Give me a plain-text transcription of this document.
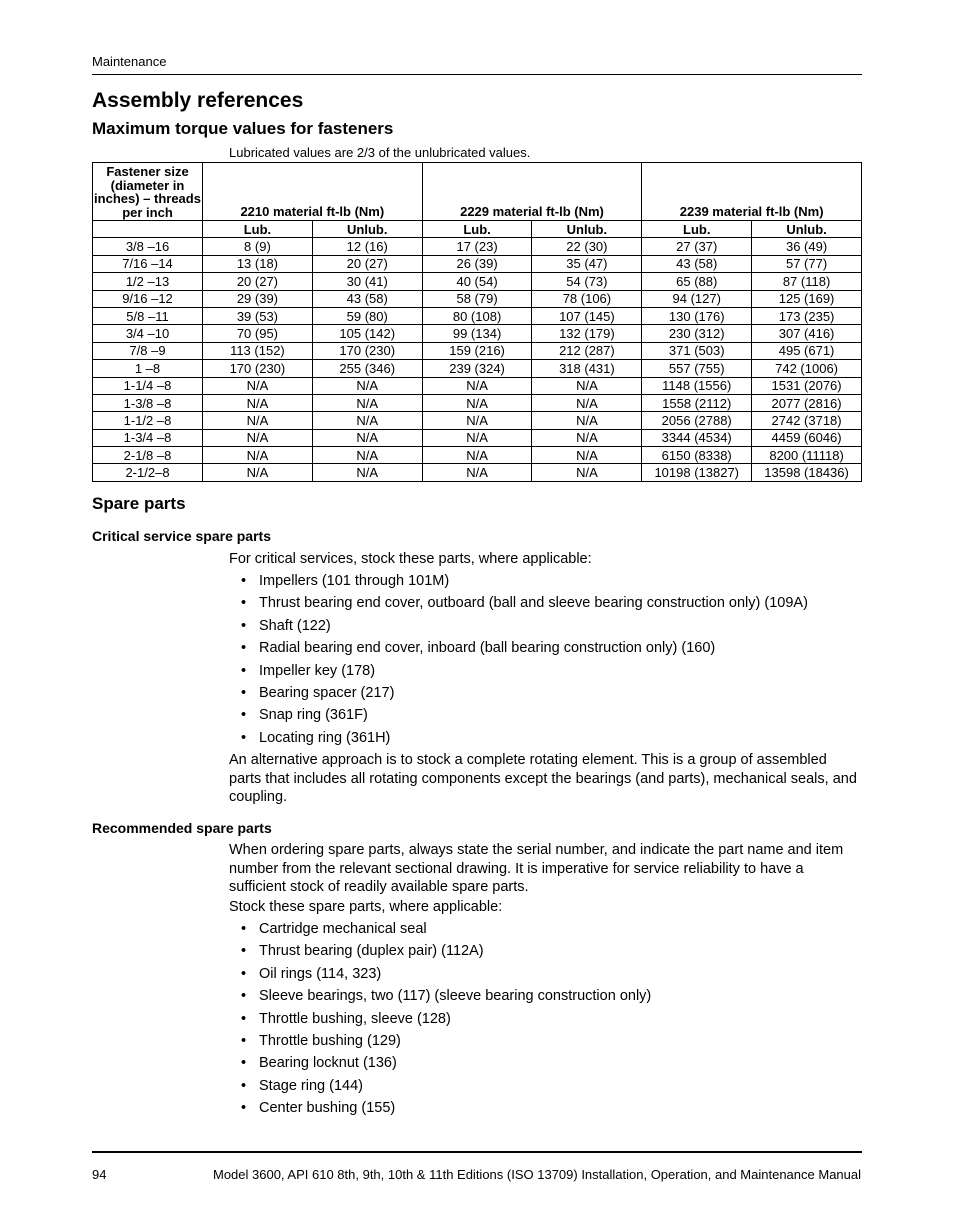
Maintenance
Assembly references
Maximum torque values for fasteners
Lubricated values are 2/3 of the unlubricated values.
Fastener size (diameter in inches) – threads per inch	2210 material ft-lb (Nm)		2229 material ft-lb (Nm)		2239 material ft-lb (Nm)	
	Lub.	Unlub.	Lub.	Unlub.	Lub.	Unlub.
3/8 –16	8 (9)	12 (16)	17 (23)	22 (30)	27 (37)	36 (49)
7/16 –14	13 (18)	20 (27)	26 (39)	35 (47)	43 (58)	57 (77)
1/2 –13	20 (27)	30 (41)	40 (54)	54 (73)	65 (88)	87 (118)
9/16 –12	29 (39)	43 (58)	58 (79)	78 (106)	94 (127)	125 (169)
5/8 –11	39 (53)	59 (80)	80 (108)	107 (145)	130 (176)	173 (235)
3/4 –10	70 (95)	105 (142)	99 (134)	132 (179)	230 (312)	307 (416)
7/8 –9	113 (152)	170 (230)	159 (216)	212 (287)	371 (503)	495 (671)
1 –8	170 (230)	255 (346)	239 (324)	318 (431)	557 (755)	742 (1006)
1-1/4 –8	N/A	N/A	N/A	N/A	1148 (1556)	1531 (2076)
1-3/8 –8	N/A	N/A	N/A	N/A	1558 (2112)	2077 (2816)
1-1/2 –8	N/A	N/A	N/A	N/A	2056 (2788)	2742 (3718)
1-3/4 –8	N/A	N/A	N/A	N/A	3344 (4534)	4459 (6046)
2-1/8 –8	N/A	N/A	N/A	N/A	6150 (8338)	8200 (11118)
2-1/2–8	N/A	N/A	N/A	N/A	10198 (13827)	13598 (18436)
Spare parts
Critical service spare parts

For critical services, stock these parts, where applicable:

• Impellers (101 through 101M)
• Thrust bearing end cover, outboard (ball and sleeve bearing construction only) (109A)
• Shaft (122)
• Radial bearing end cover, inboard (ball bearing construction only) (160)
• Impeller key (178)
• Bearing spacer (217)
• Snap ring (361F)
• Locating ring (361H)

An alternative approach is to stock a complete rotating element. This is a group of assembled parts that includes all rotating components except the bearings (and parts), mechanical seals, and coupling.

Recommended spare parts

When ordering spare parts, always state the serial number, and indicate the part name and item number from the relevant sectional drawing. It is imperative for service reliability to have a sufficient stock of readily available spare parts.

Stock these spare parts, where applicable:

• Cartridge mechanical seal
• Thrust bearing (duplex pair) (112A)
• Oil rings (114, 323)
• Sleeve bearings, two (117) (sleeve bearing construction only)
• Throttle bushing, sleeve (128)
• Throttle bushing (129)
• Bearing locknut (136)
• Stage ring (144)
• Center bushing (155)
94	Model 3600, API 610 8th, 9th, 10th & 11th Editions (ISO 13709) Installation, Operation, and Maintenance Manual
